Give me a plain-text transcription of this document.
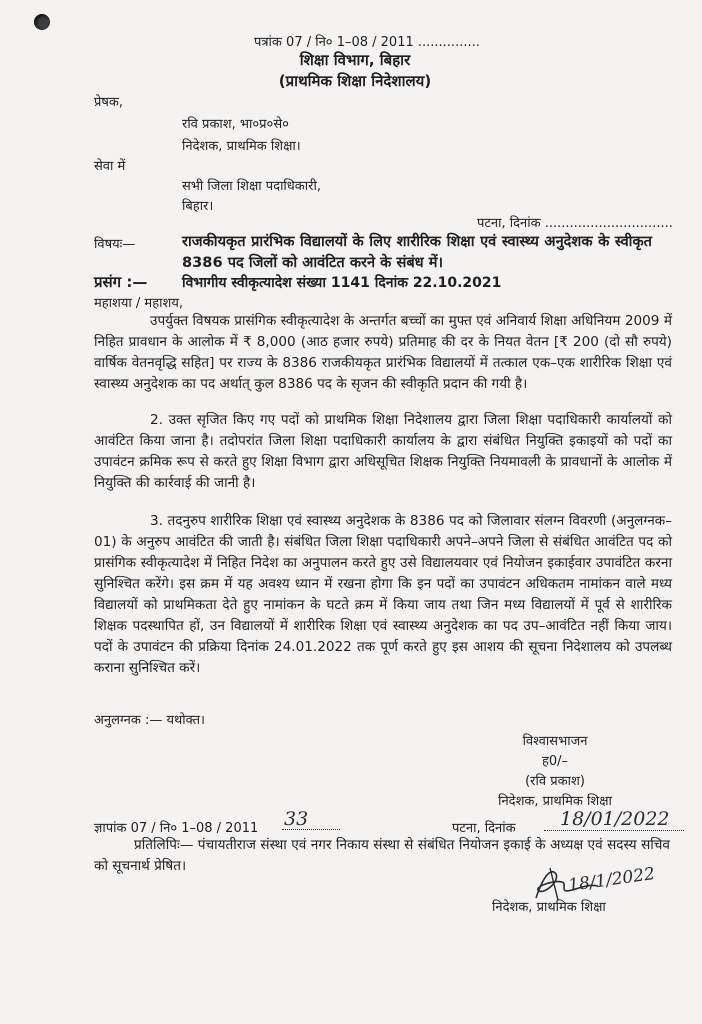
पत्रांक 07 / नि० 1–08 / 2011 ...............
शिक्षा विभाग, बिहार
(प्राथमिक शिक्षा निदेशालय)
प्रेषक,
रवि प्रकाश, भा०प्र०से०
निदेशक, प्राथमिक शिक्षा।
सेवा में
सभी जिला शिक्षा पदाधिकारी,
बिहार।
पटना, दिनांक ...............................
विषयः—	राजकीयकृत प्रारंभिक विद्यालयों के लिए शारीरिक शिक्षा एवं स्वास्थ्य अनुदेशक के स्वीकृत 8386 पद जिलों को आवंटित करने के संबंध में।
प्रसंग :— विभागीय स्वीकृत्यादेश संख्या 1141 दिनांक 22.10.2021
महाशया / महाशय,
उपर्युक्त विषयक प्रासंगिक स्वीकृत्यादेश के अन्तर्गत बच्चों का मुफ्त एवं अनिवार्य शिक्षा अधिनियम 2009 में निहित प्रावधान के आलोक में ₹ 8,000 (आठ हजार रुपये) प्रतिमाह की दर के नियत वेतन [₹ 200 (दो सौ रुपये) वार्षिक वेतनवृद्धि सहित] पर राज्य के 8386 राजकीयकृत प्रारंभिक विद्यालयों में तत्काल एक–एक शारीरिक शिक्षा एवं स्वास्थ्य अनुदेशक का पद अर्थात् कुल 8386 पद के सृजन की स्वीकृति प्रदान की गयी है।
2. उक्त सृजित किए गए पदों को प्राथमिक शिक्षा निदेशालय द्वारा जिला शिक्षा पदाधिकारी कार्यालयों को आवंटित किया जाना है। तदोपरांत जिला शिक्षा पदाधिकारी कार्यालय के द्वारा संबंधित नियुक्ति इकाइयों को पदों का उपावंटन क्रमिक रूप से करते हुए शिक्षा विभाग द्वारा अधिसूचित शिक्षक नियुक्ति नियमावली के प्रावधानों के आलोक में नियुक्ति की कार्रवाई की जानी है।
3. तदनुरुप शारीरिक शिक्षा एवं स्वास्थ्य अनुदेशक के 8386 पद को जिलावार संलग्न विवरणी (अनुलग्नक–01) के अनुरुप आवंटित की जाती है। संबंधित जिला शिक्षा पदाधिकारी अपने–अपने जिला से संबंधित आवंटित पद को प्रासंगिक स्वीकृत्यादेश में निहित निदेश का अनुपालन करते हुए उसे विद्यालयवार एवं नियोजन इकाईवार उपावंटित करना सुनिश्चित करेंगे। इस क्रम में यह अवश्य ध्यान में रखना होगा कि इन पदों का उपावंटन अधिकतम नामांकन वाले मध्य विद्यालयों को प्राथमिकता देते हुए नामांकन के घटते क्रम में किया जाय तथा जिन मध्य विद्यालयों में पूर्व से शारीरिक शिक्षक पदस्थापित हों, उन विद्यालयों में शारीरिक शिक्षा एवं स्वास्थ्य अनुदेशक का पद उप–आवंटित नहीं किया जाय। पदों के उपावंटन की प्रक्रिया दिनांक 24.01.2022 तक पूर्ण करते हुए इस आशय की सूचना निदेशालय को उपलब्ध कराना सुनिश्चित करें।
अनुलग्नक :— यथोक्त।
विश्वासभाजन
ह0/–
(रवि प्रकाश)
निदेशक, प्राथमिक शिक्षा
ज्ञापांक 07 / नि० 1–08 / 2011 33	पटना, दिनांक 18/01/2022
प्रतिलिपिः— पंचायतीराज संस्था एवं नगर निकाय संस्था से संबंधित नियोजन इकाई के अध्यक्ष एवं सदस्य सचिव को सूचनार्थ प्रेषित।	18/1/2022
निदेशक, प्राथमिक शिक्षा
